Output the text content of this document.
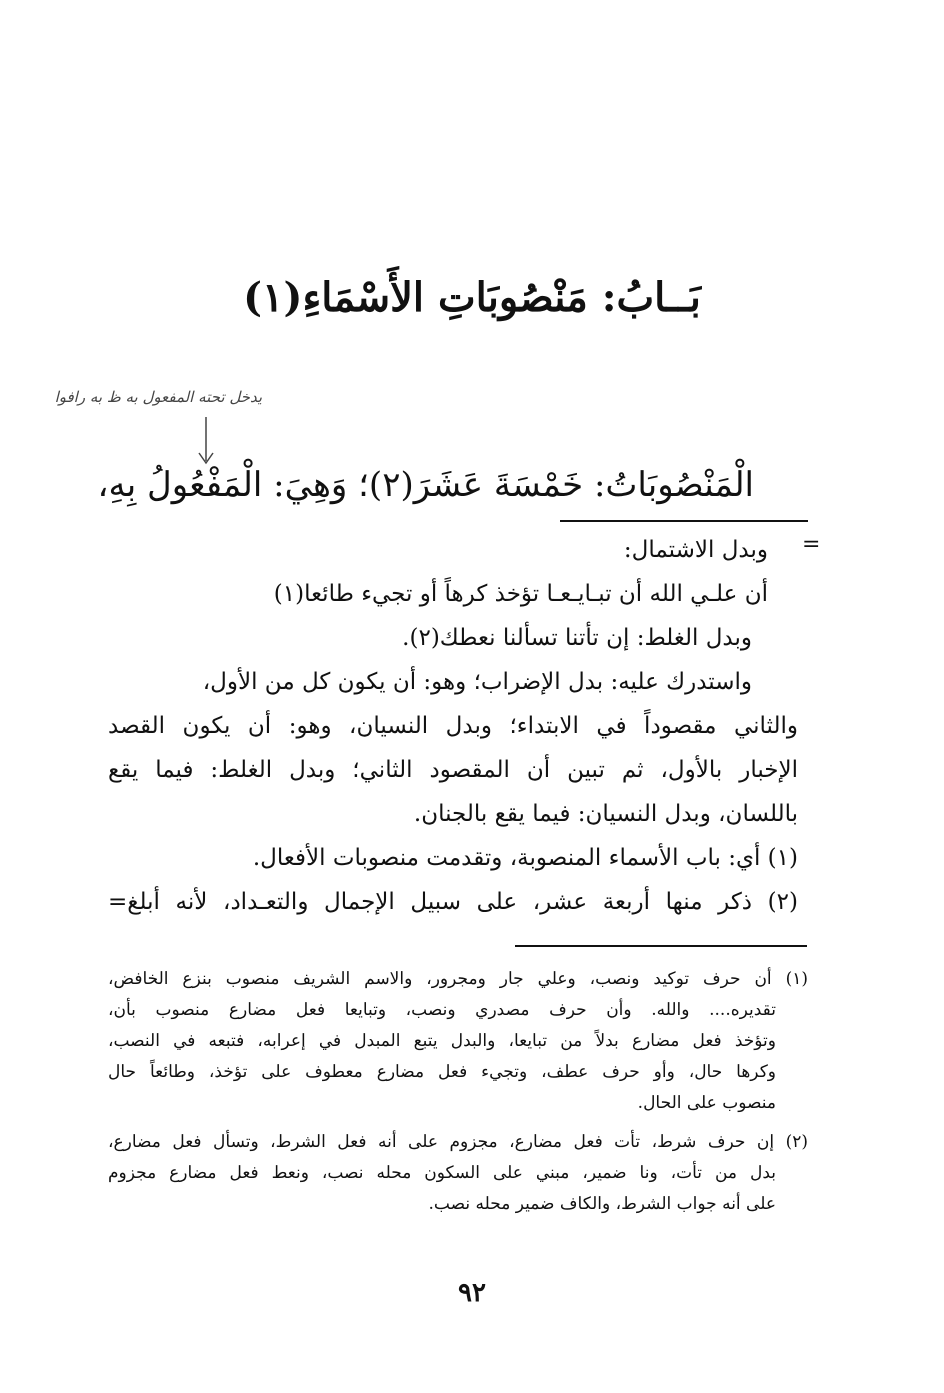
بَــابُ: مَنْصُوبَاتِ الأَسْمَاءِ(١)
يدخل تحته المفعول به ظ به رافوا
الْمَنْصُوبَاتُ: خَمْسَةَ عَشَرَ(٢)؛ وَهِيَ: الْمَفْعُولُ بِهِ،
=
وبدل الاشتمال:
أن علـي الله أن تبـايـعـا تؤخذ كرهاً أو تجيء طائعا(١)
وبدل الغلط: إن تأتنا تسألنا نعطك(٢).
واستدرك عليه: بدل الإضراب؛ وهو: أن يكون كل من الأول،
والثاني مقصوداً في الابتداء؛ وبدل النسيان، وهو: أن يكون القصد
الإخبار بالأول، ثم تبين أن المقصود الثاني؛ وبدل الغلط: فيما يقع
باللسان، وبدل النسيان: فيما يقع بالجنان.
(١) أي: باب الأسماء المنصوبة، وتقدمت منصوبات الأفعال.
(٢) ذكر منها أربعة عشر، على سبيل الإجمال والتعـداد، لأنه أبلغ=
(١) أن حرف توكيد ونصب، وعلي جار ومجرور، والاسم الشريف منصوب بنزع الخافض،
تقديره.... والله. وأن حرف مصدري ونصب، وتبايعا فعل مضارع منصوب بأن،
وتؤخذ فعل مضارع بدلاً من تبايعا، والبدل يتبع المبدل في إعرابه، فتبعه في النصب،
وكرها حال، وأو حرف عطف، وتجيء فعل مضارع معطوف على تؤخذ، وطائعاً حال
منصوب على الحال.
(٢) إن حرف شرط، تأت فعل مضارع، مجزوم على أنه فعل الشرط، وتسأل فعل مضارع،
بدل من تأت، ونا ضمير، مبني على السكون محله نصب، ونعط فعل مضارع مجزوم
على أنه جواب الشرط، والكاف ضمير محله نصب.
٩٢
